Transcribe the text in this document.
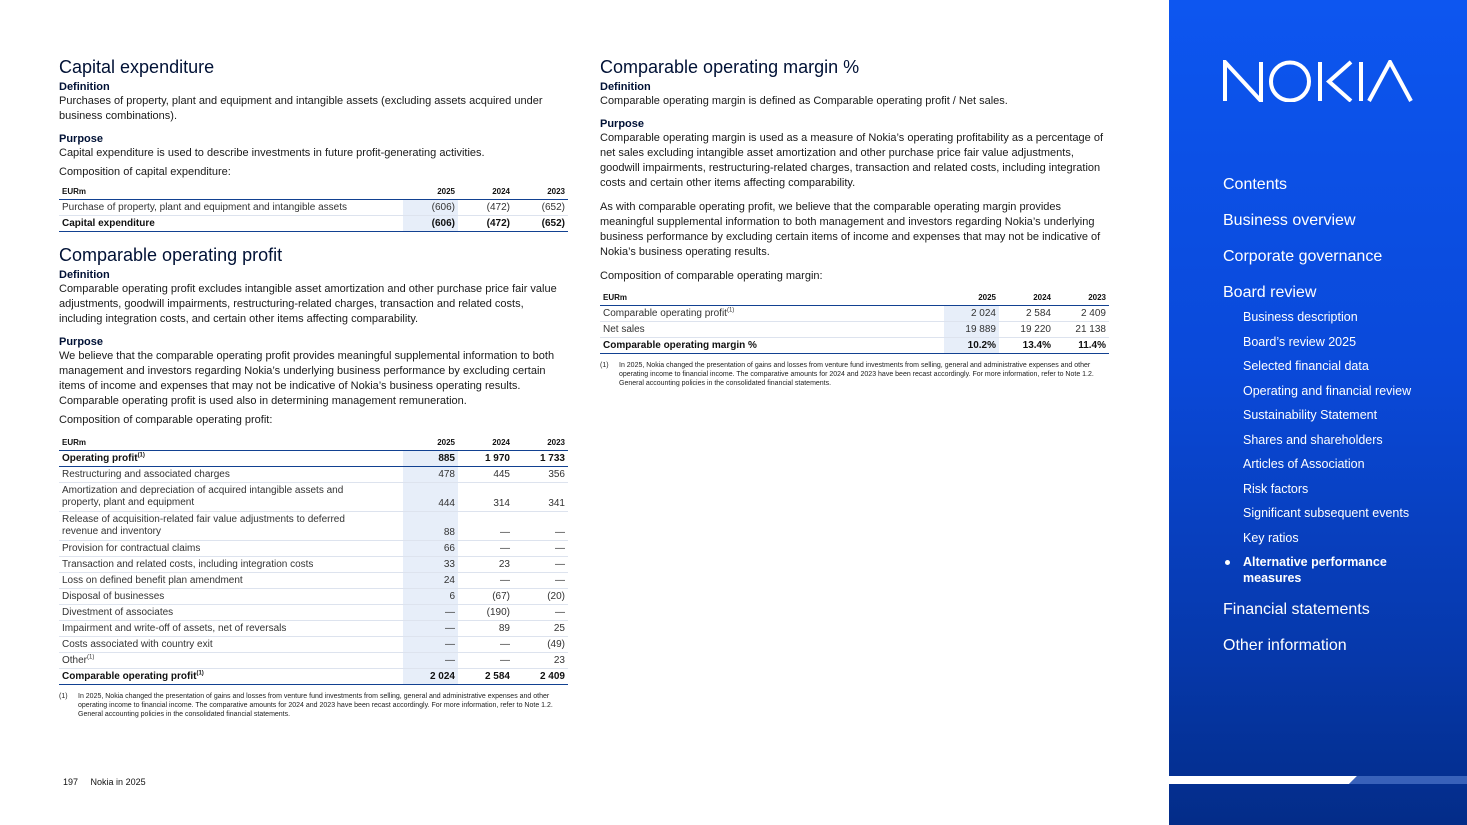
Capital expenditure
Definition

Purchases of property, plant and equipment and intangible assets (excluding assets acquired under business combinations).

Purpose

Capital expenditure is used to describe investments in future profit-generating activities.

Composition of capital expenditure:

EURm	2025	2024	2023
Purchase of property, plant and equipment and intangible assets	(606)	(472)	(652)
Capital expenditure	(606)	(472)	(652)
Comparable operating profit
Definition

Comparable operating profit excludes intangible asset amortization and other purchase price fair value adjustments, goodwill impairments, restructuring-related charges, transaction and related costs, including integration costs, and certain other items affecting comparability.

Purpose

We believe that the comparable operating profit provides meaningful supplemental information to both management and investors regarding Nokia’s underlying business performance by excluding certain items of income and expenses that may not be indicative of Nokia’s business operating results. Comparable operating profit is used also in determining management remuneration.

Composition of comparable operating profit:

EURm	2025	2024	2023
Operating profit$^{(1)}$	885	1 970	1 733
Restructuring and associated charges	478	445	356
Amortization and depreciation of acquired intangible assets and property, plant and equipment	444	314	341
Release of acquisition-related fair value adjustments to deferred revenue and inventory	88	—	—
Provision for contractual claims	66	—	—
Transaction and related costs, including integration costs	33	23	—
Loss on defined benefit plan amendment	24	—	—
Disposal of businesses	6	(67)	(20)
Divestment of associates	—	(190)	—
Impairment and write-off of assets, net of reversals	—	89	25
Costs associated with country exit	—	—	(49)
Other$^{(1)}$	—	—	23
Comparable operating profit$^{(1)}$	2 024	2 584	2 409
(1)	In 2025, Nokia changed the presentation of gains and losses from venture fund investments from selling, general and administrative expenses and other operating income to financial income. The comparative amounts for 2024 and 2023 have been recast accordingly. For more information, refer to Note 1.2. General accounting policies in the consolidated financial statements.
Comparable operating margin %
Definition

Comparable operating margin is defined as Comparable operating profit / Net sales.

Purpose

Comparable operating margin is used as a measure of Nokia’s operating profitability as a percentage of net sales excluding intangible asset amortization and other purchase price fair value adjustments, goodwill impairments, restructuring-related charges, transaction and related costs, including integration costs and certain other items affecting comparability.

As with comparable operating profit, we believe that the comparable operating margin provides meaningful supplemental information to both management and investors regarding Nokia’s underlying business performance by excluding certain items of income and expenses that may not be indicative of Nokia’s business operating results.

Composition of comparable operating margin:

EURm	2025	2024	2023
Comparable operating profit$^{(1)}$	2 024	2 584	2 409
Net sales	19 889	19 220	21 138
Comparable operating margin %	10.2%	13.4%	11.4%
(1)	In 2025, Nokia changed the presentation of gains and losses from venture fund investments from selling, general and administrative expenses and other operating income to financial income. The comparative amounts for 2024 and 2023 have been recast accordingly. For more information, refer to Note 1.2. General accounting policies in the consolidated financial statements.
197 Nokia in 2025
Contents
Business overview
Corporate governance
Board review
Business description
Board’s review 2025
Selected financial data
Operating and financial review
Sustainability Statement
Shares and shareholders
Articles of Association
Risk factors
Significant subsequent events
Key ratios
Alternative performance
measures
Financial statements
Other information
